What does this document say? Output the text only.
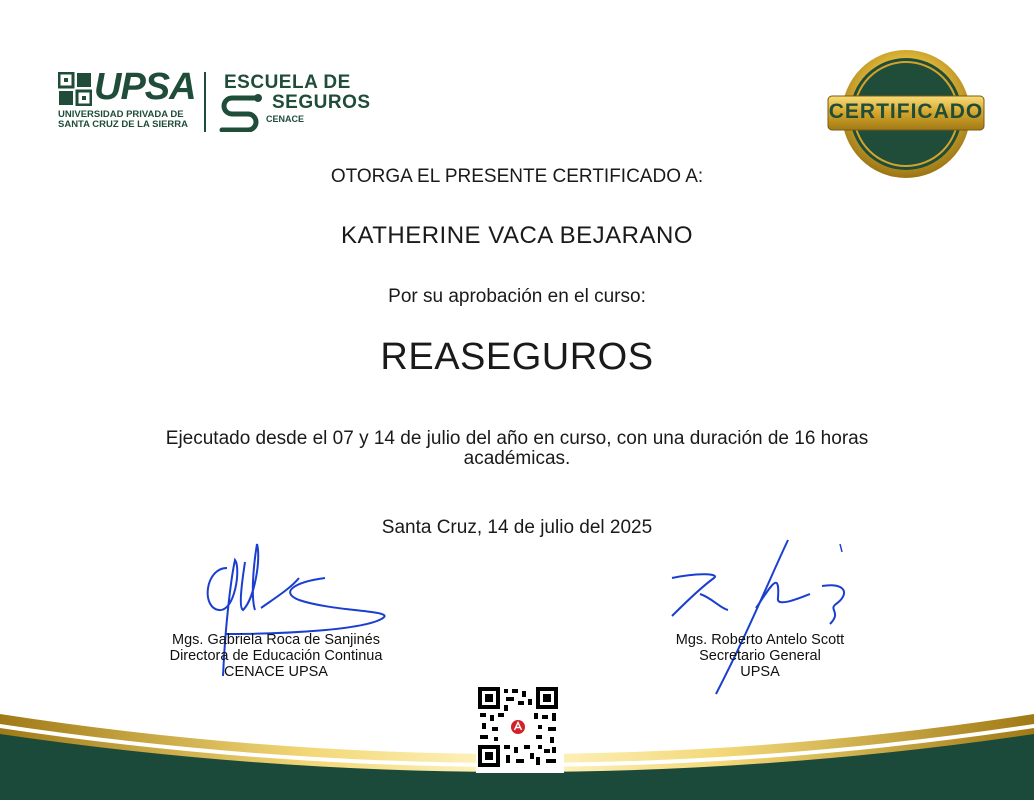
UPSA
UNIVERSIDAD PRIVADA DE
SANTA CRUZ DE LA SIERRA
ESCUELA DE
SEGUROS
CENACE	CERTIFICADO
OTORGA EL PRESENTE CERTIFICADO A:
KATHERINE VACA BEJARANO
Por su aprobación en el curso:
REASEGUROS
Ejecutado desde el 07 y 14 de julio del año en curso, con una duración de 16 horas académicas.
Santa Cruz, 14 de julio del 2025
Mgs. Gabriela Roca de Sanjinés
Directora de Educación Continua
CENACE UPSA
Mgs. Roberto Antelo Scott
Secretario General
UPSA
